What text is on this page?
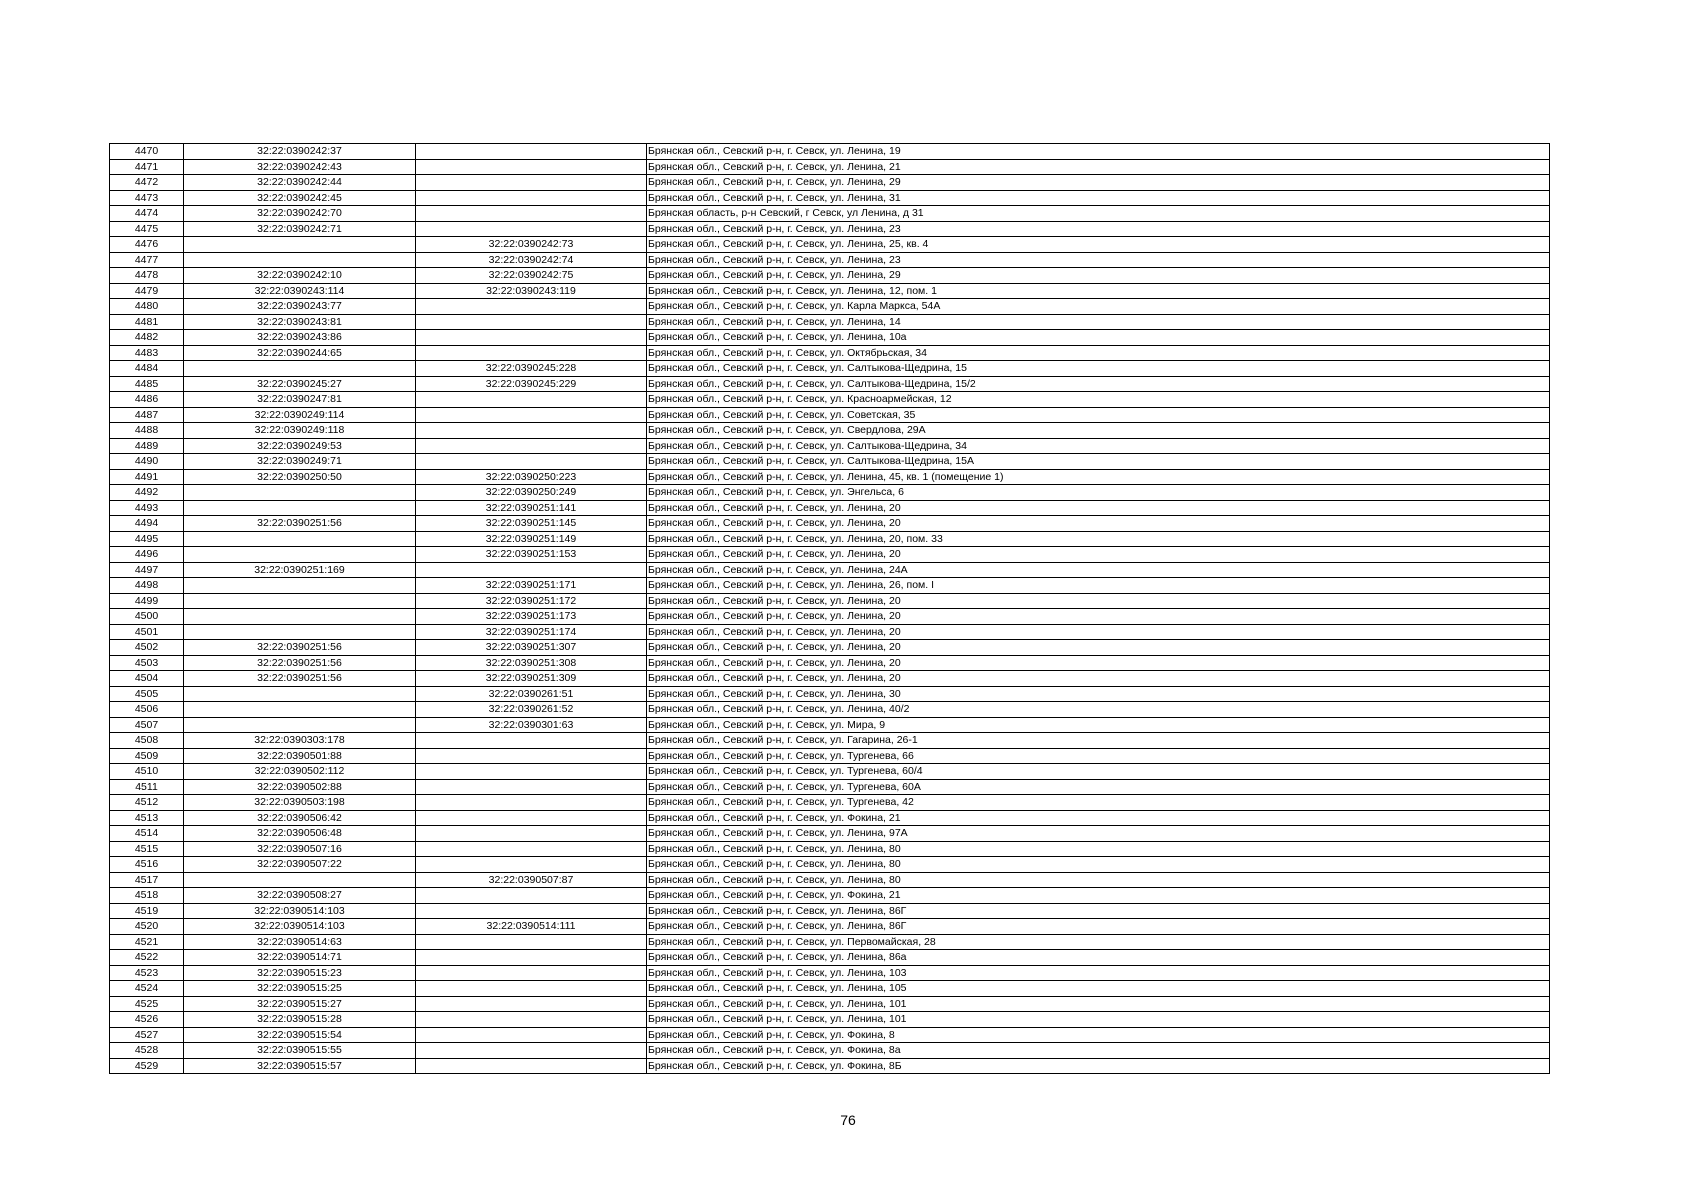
4470	32:22:0390242:37		Брянская обл., Севский р-н, г. Севск, ул. Ленина, 19
4471	32:22:0390242:43		Брянская обл., Севский р-н, г. Севск, ул. Ленина, 21
4472	32:22:0390242:44		Брянская обл., Севский р-н, г. Севск, ул. Ленина, 29
4473	32:22:0390242:45		Брянская обл., Севский р-н, г. Севск, ул. Ленина, 31
4474	32:22:0390242:70		Брянская область, р-н Севский, г Севск, ул Ленина, д 31
4475	32:22:0390242:71		Брянская обл., Севский р-н, г. Севск, ул. Ленина, 23
4476		32:22:0390242:73	Брянская обл., Севский р-н, г. Севск, ул. Ленина, 25, кв. 4
4477		32:22:0390242:74	Брянская обл., Севский р-н, г. Севск, ул. Ленина, 23
4478	32:22:0390242:10	32:22:0390242:75	Брянская обл., Севский р-н, г. Севск, ул. Ленина, 29
4479	32:22:0390243:114	32:22:0390243:119	Брянская обл., Севский р-н, г. Севск, ул. Ленина, 12, пом. 1
4480	32:22:0390243:77		Брянская обл., Севский р-н, г. Севск, ул. Карла Маркса, 54А
4481	32:22:0390243:81		Брянская обл., Севский р-н, г. Севск, ул. Ленина, 14
4482	32:22:0390243:86		Брянская обл., Севский р-н, г. Севск, ул. Ленина, 10а
4483	32:22:0390244:65		Брянская обл., Севский р-н, г. Севск, ул. Октябрьская, 34
4484		32:22:0390245:228	Брянская обл., Севский р-н, г. Севск, ул. Салтыкова-Щедрина, 15
4485	32:22:0390245:27	32:22:0390245:229	Брянская обл., Севский р-н, г. Севск, ул. Салтыкова-Щедрина, 15/2
4486	32:22:0390247:81		Брянская обл., Севский р-н, г. Севск, ул. Красноармейская, 12
4487	32:22:0390249:114		Брянская обл., Севский р-н, г. Севск, ул. Советская, 35
4488	32:22:0390249:118		Брянская обл., Севский р-н, г. Севск, ул. Свердлова, 29А
4489	32:22:0390249:53		Брянская обл., Севский р-н, г. Севск, ул. Салтыкова-Щедрина, 34
4490	32:22:0390249:71		Брянская обл., Севский р-н, г. Севск, ул. Салтыкова-Щедрина, 15А
4491	32:22:0390250:50	32:22:0390250:223	Брянская обл., Севский р-н, г. Севск, ул. Ленина, 45, кв. 1 (помещение 1)
4492		32:22:0390250:249	Брянская обл., Севский р-н, г. Севск, ул. Энгельса, 6
4493		32:22:0390251:141	Брянская обл., Севский р-н, г. Севск, ул. Ленина, 20
4494	32:22:0390251:56	32:22:0390251:145	Брянская обл., Севский р-н, г. Севск, ул. Ленина, 20
4495		32:22:0390251:149	Брянская обл., Севский р-н, г. Севск, ул. Ленина, 20, пом. 33
4496		32:22:0390251:153	Брянская обл., Севский р-н, г. Севск, ул. Ленина, 20
4497	32:22:0390251:169		Брянская обл., Севский р-н, г. Севск, ул. Ленина, 24А
4498		32:22:0390251:171	Брянская обл., Севский р-н, г. Севск, ул. Ленина, 26, пом. I
4499		32:22:0390251:172	Брянская обл., Севский р-н, г. Севск, ул. Ленина, 20
4500		32:22:0390251:173	Брянская обл., Севский р-н, г. Севск, ул. Ленина, 20
4501		32:22:0390251:174	Брянская обл., Севский р-н, г. Севск, ул. Ленина, 20
4502	32:22:0390251:56	32:22:0390251:307	Брянская обл., Севский р-н, г. Севск, ул. Ленина, 20
4503	32:22:0390251:56	32:22:0390251:308	Брянская обл., Севский р-н, г. Севск, ул. Ленина, 20
4504	32:22:0390251:56	32:22:0390251:309	Брянская обл., Севский р-н, г. Севск, ул. Ленина, 20
4505		32:22:0390261:51	Брянская обл., Севский р-н, г. Севск, ул. Ленина, 30
4506		32:22:0390261:52	Брянская обл., Севский р-н, г. Севск, ул. Ленина, 40/2
4507		32:22:0390301:63	Брянская обл., Севский р-н, г. Севск, ул. Мира, 9
4508	32:22:0390303:178		Брянская обл., Севский р-н, г. Севск, ул. Гагарина, 26-1
4509	32:22:0390501:88		Брянская обл., Севский р-н, г. Севск, ул. Тургенева, 66
4510	32:22:0390502:112		Брянская обл., Севский р-н, г. Севск, ул. Тургенева, 60/4
4511	32:22:0390502:88		Брянская обл., Севский р-н, г. Севск, ул. Тургенева, 60А
4512	32:22:0390503:198		Брянская обл., Севский р-н, г. Севск, ул. Тургенева, 42
4513	32:22:0390506:42		Брянская обл., Севский р-н, г. Севск, ул. Фокина, 21
4514	32:22:0390506:48		Брянская обл., Севский р-н, г. Севск, ул. Ленина, 97А
4515	32:22:0390507:16		Брянская обл., Севский р-н, г. Севск, ул. Ленина, 80
4516	32:22:0390507:22		Брянская обл., Севский р-н, г. Севск, ул. Ленина, 80
4517		32:22:0390507:87	Брянская обл., Севский р-н, г. Севск, ул. Ленина, 80
4518	32:22:0390508:27		Брянская обл., Севский р-н, г. Севск, ул. Фокина, 21
4519	32:22:0390514:103		Брянская обл., Севский р-н, г. Севск, ул. Ленина, 86Г
4520	32:22:0390514:103	32:22:0390514:111	Брянская обл., Севский р-н, г. Севск, ул. Ленина, 86Г
4521	32:22:0390514:63		Брянская обл., Севский р-н, г. Севск, ул. Первомайская, 28
4522	32:22:0390514:71		Брянская обл., Севский р-н, г. Севск, ул. Ленина, 86а
4523	32:22:0390515:23		Брянская обл., Севский р-н, г. Севск, ул. Ленина, 103
4524	32:22:0390515:25		Брянская обл., Севский р-н, г. Севск, ул. Ленина, 105
4525	32:22:0390515:27		Брянская обл., Севский р-н, г. Севск, ул. Ленина, 101
4526	32:22:0390515:28		Брянская обл., Севский р-н, г. Севск, ул. Ленина, 101
4527	32:22:0390515:54		Брянская обл., Севский р-н, г. Севск, ул. Фокина, 8
4528	32:22:0390515:55		Брянская обл., Севский р-н, г. Севск, ул. Фокина, 8а
4529	32:22:0390515:57		Брянская обл., Севский р-н, г. Севск, ул. Фокина, 8Б
76
